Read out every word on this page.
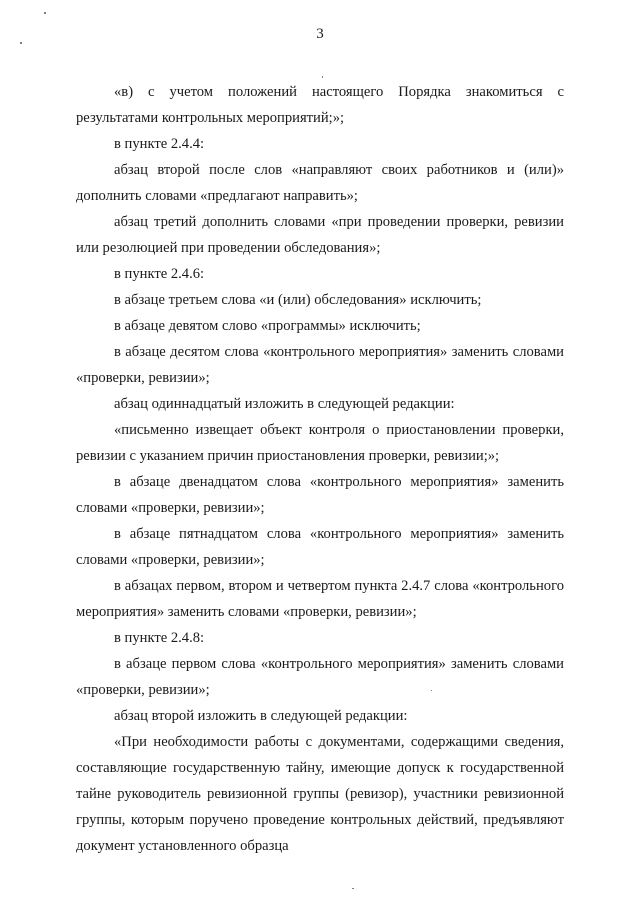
3

«в) с учетом положений настоящего Порядка знакомиться с результатами контрольных мероприятий;»;

в пункте 2.4.4:

абзац второй после слов «направляют своих работников и (или)» дополнить словами «предлагают направить»;

абзац третий дополнить словами «при проведении проверки, ревизии или резолюцией при проведении обследования»;

в пункте 2.4.6:

в абзаце третьем слова «и (или) обследования» исключить;

в абзаце девятом слово «программы» исключить;

в абзаце десятом слова «контрольного мероприятия» заменить словами «проверки, ревизии»;

абзац одиннадцатый изложить в следующей редакции:

«письменно извещает объект контроля о приостановлении проверки, ревизии с указанием причин приостановления проверки, ревизии;»;

в абзаце двенадцатом слова «контрольного мероприятия» заменить словами «проверки, ревизии»;

в абзаце пятнадцатом слова «контрольного мероприятия» заменить словами «проверки, ревизии»;

в абзацах первом, втором и четвертом пункта 2.4.7 слова «контрольного мероприятия» заменить словами «проверки, ревизии»;

в пункте 2.4.8:

в абзаце первом слова «контрольного мероприятия» заменить словами «проверки, ревизии»;

абзац второй изложить в следующей редакции:

«При необходимости работы с документами, содержащими сведения, составляющие государственную тайну, имеющие допуск к государственной тайне руководитель ревизионной группы (ревизор), участники ревизионной группы, которым поручено проведение контрольных действий, предъявляют документ установленного образца
